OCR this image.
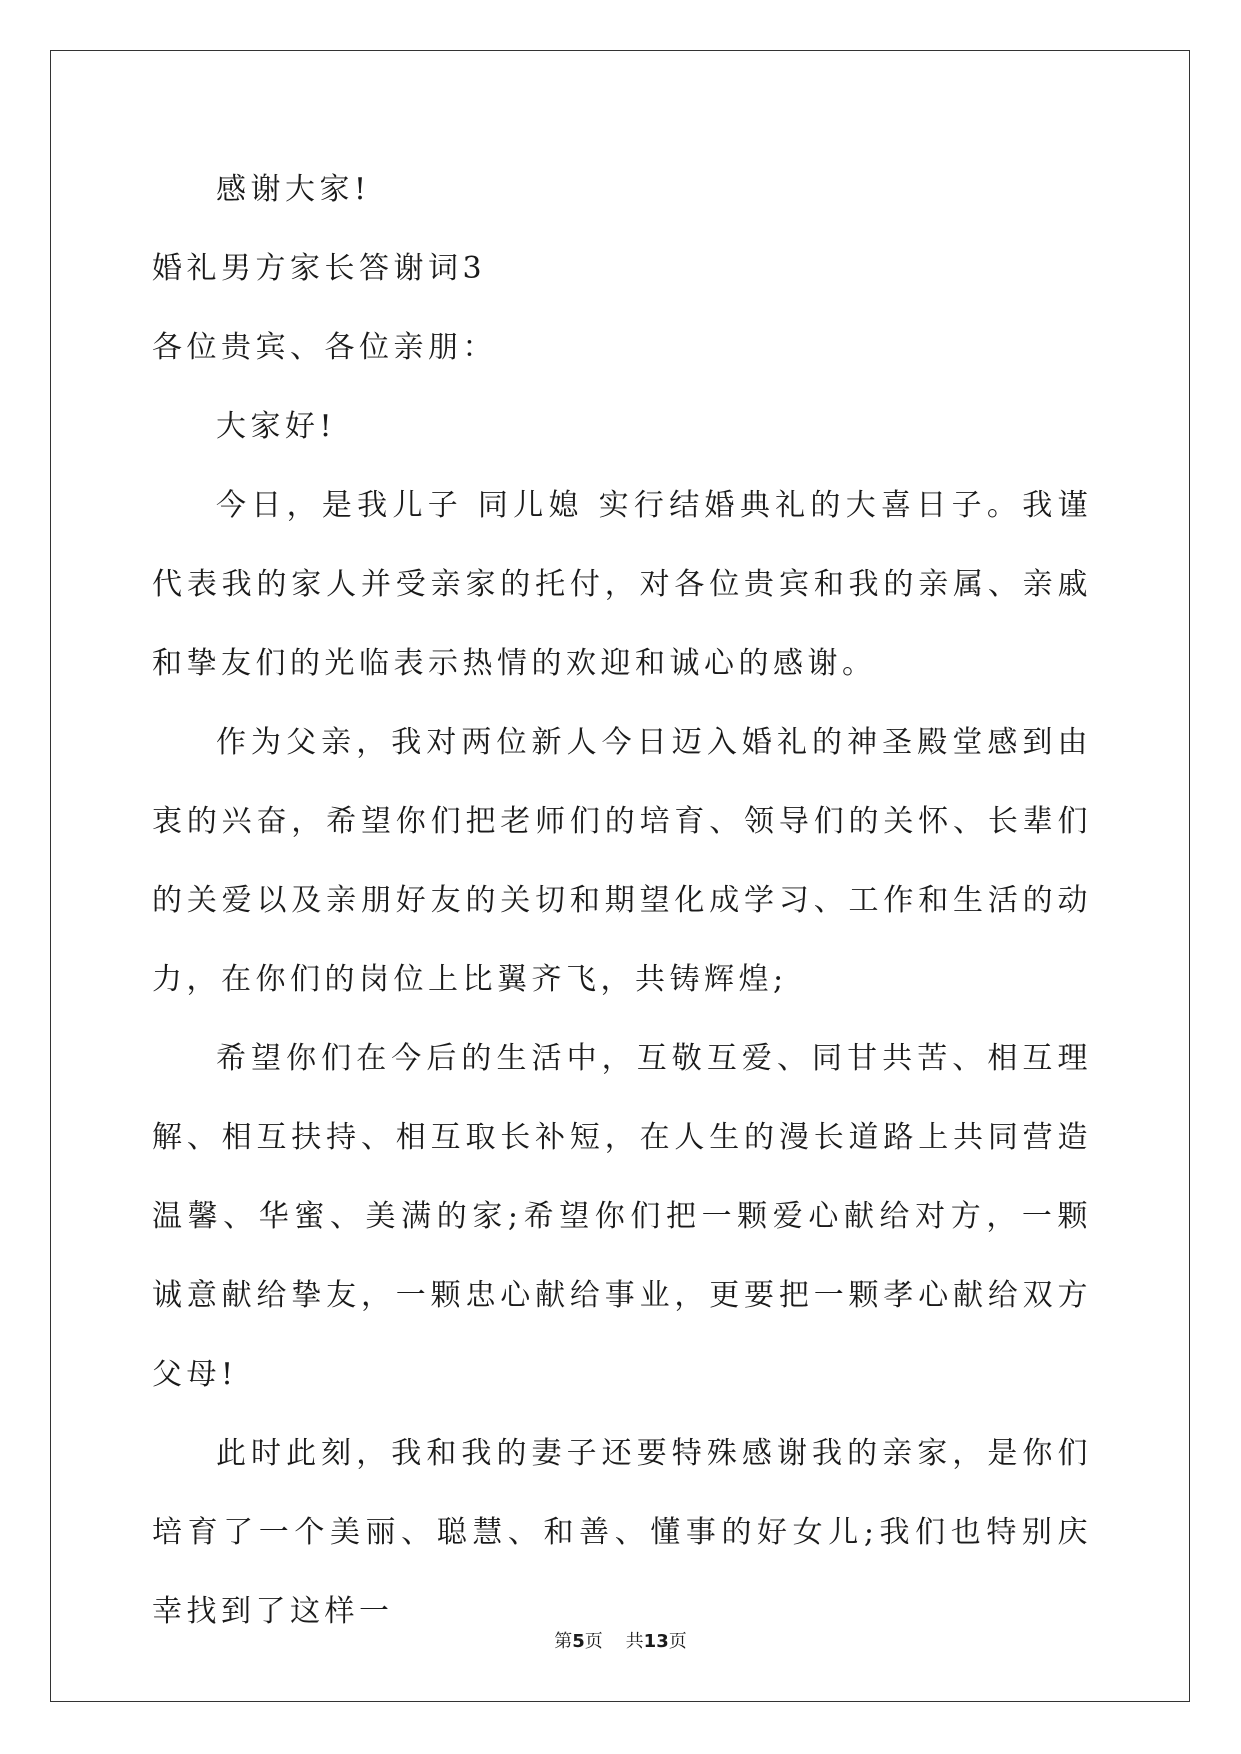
感谢大家!

婚礼男方家长答谢词3

各位贵宾、各位亲朋：

大家好!

今日，是我儿子 同儿媳 实行结婚典礼的大喜日子。我谨代表我的家人并受亲家的托付，对各位贵宾和我的亲属、亲戚和挚友们的光临表示热情的欢迎和诚心的感谢。

作为父亲，我对两位新人今日迈入婚礼的神圣殿堂感到由衷的兴奋，希望你们把老师们的培育、领导们的关怀、长辈们的关爱以及亲朋好友的关切和期望化成学习、工作和生活的动力，在你们的岗位上比翼齐飞，共铸辉煌;

希望你们在今后的生活中，互敬互爱、同甘共苦、相互理解、相互扶持、相互取长补短，在人生的漫长道路上共同营造温馨、华蜜、美满的家;希望你们把一颗爱心献给对方，一颗诚意献给挚友，一颗忠心献给事业，更要把一颗孝心献给双方父母!

此时此刻，我和我的妻子还要特殊感谢我的亲家，是你们培育了一个美丽、聪慧、和善、懂事的好女儿;我们也特别庆幸找到了这样一

第5页 共13页
